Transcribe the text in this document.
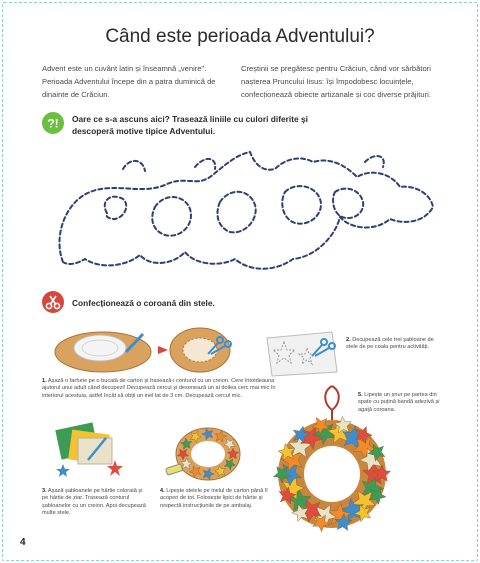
Când este perioada Adventului?
Advent este un cuvânt latin și înseamnă „venire". Perioada Adventului începe din a patra duminică de dinainte de Crăciun.
Creștinii se pregătesc pentru Crăciun, când vor sărbători nașterea Pruncului Iisus: își împodobesc locuințele, confecționează obiecte artizanale și coc diverse prăjituri.
?! Oare ce s-a ascuns aici? Trasează liniile cu culori diferite și descoperă motive tipice Adventului.
Confecționează o coroană din stele.
1. Așază o farfurie pe o bucată de carton și trasează-i conturul cu un creion. Cere întotdeauna ajutorul unui adult când decupezi! Decupează cercul și desenează un al doilea cerc mai mic în interiorul acestuia, astfel încât să obții un inel lat de 3 cm. Decupează cercul mic.
2. Decupează cele trei șabloane de stele de pe coala pentru activități.
3. Așază șabloanele pe hârtie colorată și pe hârtie de ziar. Trasează conturul șabloanelor cu un creion. Apoi decupează multe stele.
4. Lipește stelele pe inelul de carton până îl acoperi de tot. Folosește lipici de hârtie și respectă instrucțiunile de pe ambalaj.
5. Lipește un șnur pe partea din spate cu puțină bandă adezivă și agață coroana.
4
